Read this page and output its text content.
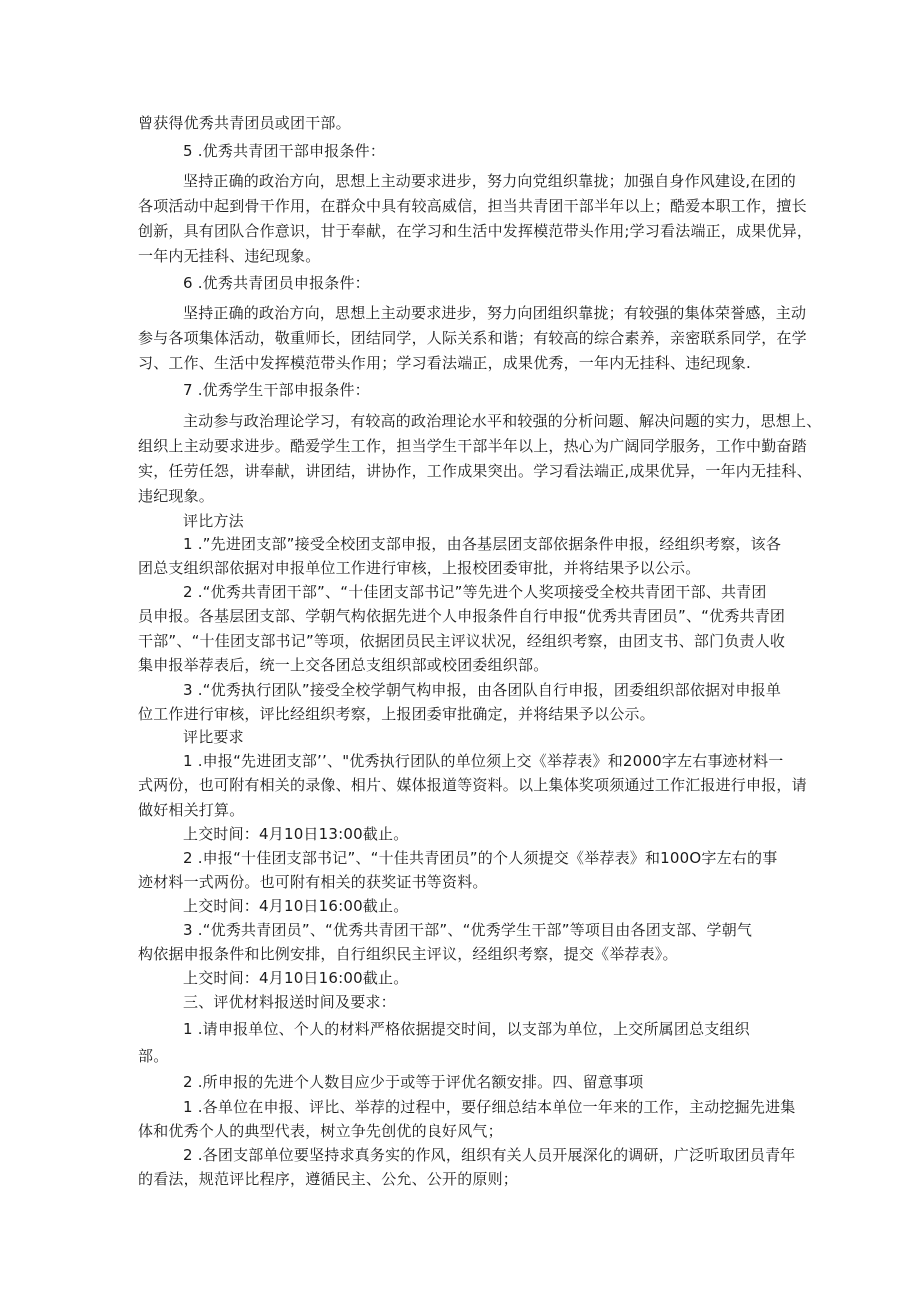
曾获得优秀共青团员或团干部。
5 .优秀共青团干部申报条件：
坚持正确的政治方向，思想上主动要求进步，努力向党组织靠拢；加强自身作风建设,在团的
各项活动中起到骨干作用，在群众中具有较高威信，担当共青团干部半年以上；酷爱本职工作，擅长
创新，具有团队合作意识，甘于奉献，在学习和生活中发挥模范带头作用;学习看法端正，成果优异，
一年内无挂科、违纪现象。
6 .优秀共青团员申报条件：
坚持正确的政治方向，思想上主动要求进步，努力向团组织靠拢；有较强的集体荣誉感，主动
参与各项集体活动，敬重师长，团结同学，人际关系和谐；有较高的综合素养，亲密联系同学，在学
习、工作、生活中发挥模范带头作用；学习看法端正，成果优秀，一年内无挂科、违纪现象.
7 .优秀学生干部申报条件：
主动参与政治理论学习，有较高的政治理论水平和较强的分析问题、解决问题的实力，思想上、
组织上主动要求进步。酷爱学生工作，担当学生干部半年以上，热心为广阔同学服务，工作中勤奋踏
实，任劳任怨，讲奉献，讲团结，讲协作，工作成果突出。学习看法端正,成果优异，一年内无挂科、
违纪现象。
评比方法
1 .”先进团支部”接受全校团支部申报，由各基层团支部依据条件申报，经组织考察，该各
团总支组织部依据对申报单位工作进行审核，上报校团委审批，并将结果予以公示。
2 .“优秀共青团干部”、“十佳团支部书记”等先进个人奖项接受全校共青团干部、共青团
员申报。各基层团支部、学朝气构依据先进个人申报条件自行申报“优秀共青团员”、“优秀共青团
干部”、“十佳团支部书记”等项，依据团员民主评议状况，经组织考察，由团支书、部门负责人收
集申报举荐表后，统一上交各团总支组织部或校团委组织部。
3 .“优秀执行团队”接受全校学朝气构申报，由各团队自行申报，团委组织部依据对申报单
位工作进行审核，评比经组织考察，上报团委审批确定，并将结果予以公示。
评比要求
1 .申报“先进团支部’’、"优秀执行团队的单位须上交《举荐表》和2000字左右事迹材料一
式两份，也可附有相关的录像、相片、媒体报道等资料。以上集体奖项须通过工作汇报进行申报，请
做好相关打算。
上交时间：4月10日13:00截止。
2 .申报“十佳团支部书记”、“十佳共青团员”的个人须提交《举荐表》和100O字左右的事
迹材料一式两份。也可附有相关的获奖证书等资料。
上交时间：4月10日16:00截止。
3 .“优秀共青团员”、“优秀共青团干部”、“优秀学生干部”等项目由各团支部、学朝气
构依据申报条件和比例安排，自行组织民主评议，经组织考察，提交《举荐表》。
上交时间：4月10日16:00截止。
三、评优材料报送时间及要求：
1 .请申报单位、个人的材料严格依据提交时间，以支部为单位，上交所属团总支组织
部。
2 .所申报的先进个人数目应少于或等于评优名额安排。四、留意事项
1 .各单位在申报、评比、举荐的过程中，要仔细总结本单位一年来的工作，主动挖掘先进集
体和优秀个人的典型代表，树立争先创优的良好风气；
2 .各团支部单位要坚持求真务实的作风，组织有关人员开展深化的调研，广泛听取团员青年
的看法，规范评比程序，遵循民主、公允、公开的原则；
